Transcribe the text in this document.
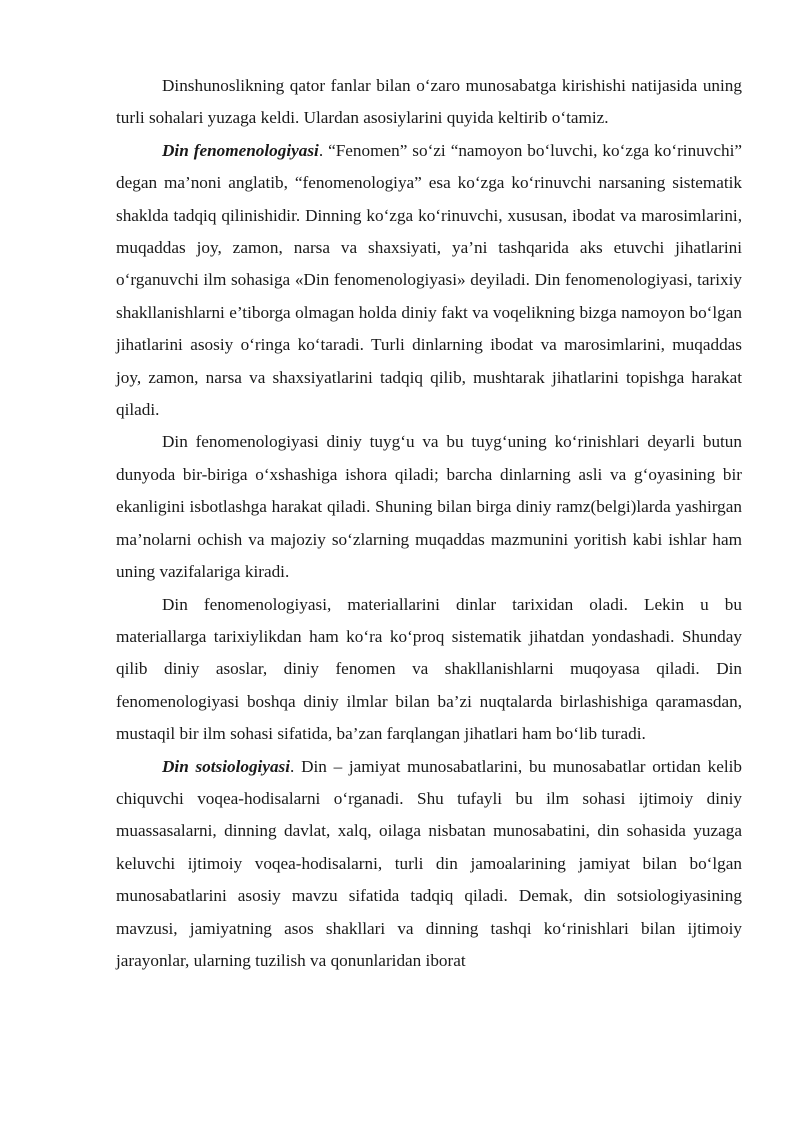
Dinshunoslikning qator fanlar bilan o‘zaro munosabatga kirishishi natijasida uning turli sohalari yuzaga keldi. Ulardan asosiylarini quyida keltirib o‘tamiz.

Din fenomenologiyasi. “Fenomen” so‘zi “namoyon bo‘luvchi, ko‘zga ko‘rinuvchi” degan ma’noni anglatib, “fenomenologiya” esa ko‘zga ko‘rinuvchi narsaning sistematik shaklda tadqiq qilinishidir. Dinning ko‘zga ko‘rinuvchi, xususan, ibodat va marosimlarini, muqaddas joy, zamon, narsa va shaxsiyati, ya’ni tashqarida aks etuvchi jihatlarini o‘rganuvchi ilm sohasiga «Din fenomenologiyasi» deyiladi. Din fenomenologiyasi, tarixiy shakllanishlarni e’tiborga olmagan holda diniy fakt va voqelikning bizga namoyon bo‘lgan jihatlarini asosiy o‘ringa ko‘taradi. Turli dinlarning ibodat va marosimlarini, muqaddas joy, zamon, narsa va shaxsiyatlarini tadqiq qilib, mushtarak jihatlarini topishga harakat qiladi.

Din fenomenologiyasi diniy tuyg‘u va bu tuyg‘uning ko‘rinishlari deyarli butun dunyoda bir-biriga o‘xshashiga ishora qiladi; barcha dinlarning asli va g‘oyasining bir ekanligini isbotlashga harakat qiladi. Shuning bilan birga diniy ramz(belgi)larda yashirgan ma’nolarni ochish va majoziy so‘zlarning muqaddas mazmunini yoritish kabi ishlar ham uning vazifalariga kiradi.

Din fenomenologiyasi, materiallarini dinlar tarixidan oladi. Lekin u bu materiallarga tarixiylikdan ham ko‘ra ko‘proq sistematik jihatdan yondashadi. Shunday qilib diniy asoslar, diniy fenomen va shakllanishlarni muqoyasa qiladi. Din fenomenologiyasi boshqa diniy ilmlar bilan ba’zi nuqtalarda birlashishiga qaramasdan, mustaqil bir ilm sohasi sifatida, ba’zan farqlangan jihatlari ham bo‘lib turadi.

Din sotsiologiyasi. Din – jamiyat munosabatlarini, bu munosabatlar ortidan kelib chiquvchi voqea-hodisalarni o‘rganadi. Shu tufayli bu ilm sohasi ijtimoiy diniy muassasalarni, dinning davlat, xalq, oilaga nisbatan munosabatini, din sohasida yuzaga keluvchi ijtimoiy voqea-hodisalarni, turli din jamoalarining jamiyat bilan bo‘lgan munosabatlarini asosiy mavzu sifatida tadqiq qiladi. Demak, din sotsiologiyasining mavzusi, jamiyatning asos shakllari va dinning tashqi ko‘rinishlari bilan ijtimoiy jarayonlar, ularning tuzilish va qonunlaridan iborat
